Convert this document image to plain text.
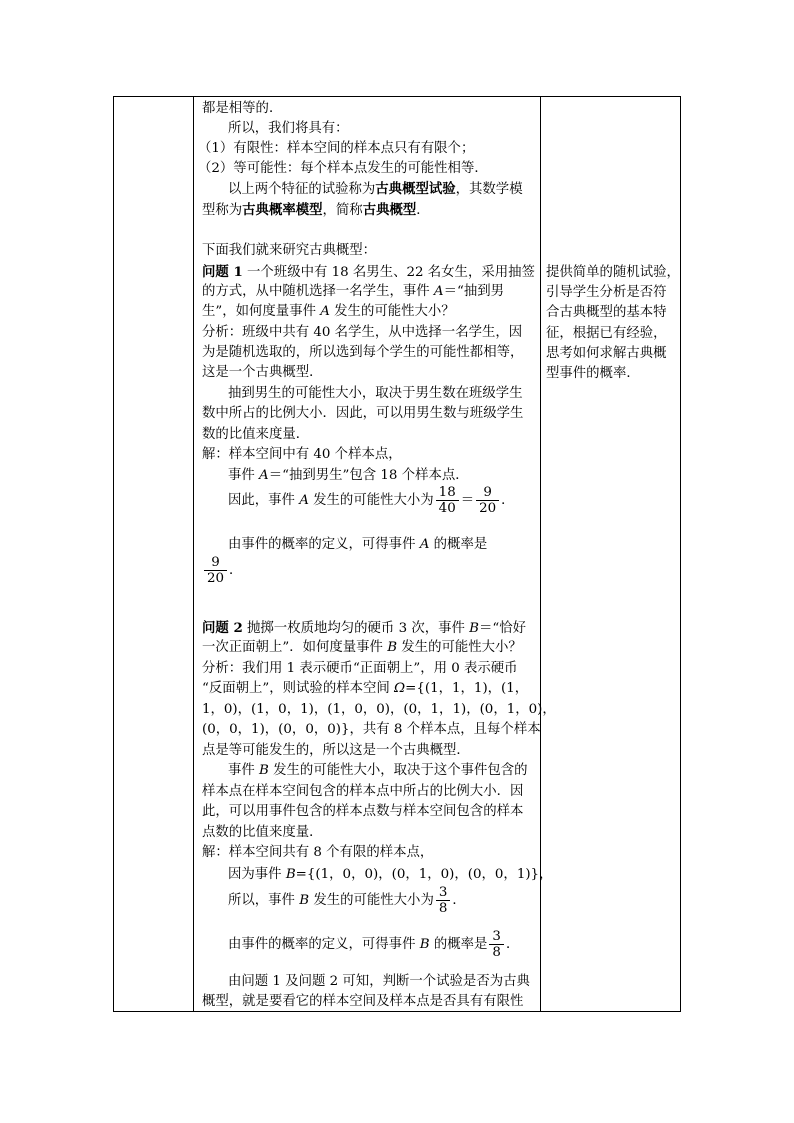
都是相等的．
所以，我们将具有：
（1）有限性：样本空间的样本点只有有限个；
（2）等可能性：每个样本点发生的可能性相等．
以上两个特征的试验称为古典概型试验，其数学模
型称为古典概率模型，简称古典概型．
下面我们就来研究古典概型：
问题 1 一个班级中有 18 名男生、22 名女生，采用抽签
的方式，从中随机选择一名学生，事件 A＝“抽到男
生”，如何度量事件 A 发生的可能性大小？
分析：班级中共有 40 名学生，从中选择一名学生，因
为是随机选取的，所以选到每个学生的可能性都相等，
这是一个古典概型．
抽到男生的可能性大小，取决于男生数在班级学生
数中所占的比例大小．因此，可以用男生数与班级学生
数的比值来度量．
解：样本空间中有 40 个样本点，
事件 A＝“抽到男生”包含 18 个样本点．
因此，事件 A 发生的可能性大小为 $\frac{18}{40} = \frac{9}{20}$ ．
由事件的概率的定义，可得事件 A 的概率是
$\frac{9}{20}$ ．
问题 2 抛掷一枚质地均匀的硬币 3 次，事件 B＝“恰好
一次正面朝上”．如何度量事件 B 发生的可能性大小？
分析：我们用 1 表示硬币“正面朝上”，用 0 表示硬币
“反面朝上”，则试验的样本空间 Ω={(1，1，1)，(1，
1，0)，(1，0，1)，(1，0，0)，(0，1，1)，(0，1，0)，
(0，0，1)，(0，0，0)}，共有 8 个样本点，且每个样本
点是等可能发生的，所以这是一个古典概型．
事件 B 发生的可能性大小，取决于这个事件包含的
样本点在样本空间包含的样本点中所占的比例大小．因
此，可以用事件包含的样本点数与样本空间包含的样本
点数的比值来度量．
解：样本空间共有 8 个有限的样本点，
因为事件 B={(1，0，0)，(0，1，0)，(0，0，1)}，
所以，事件 B 发生的可能性大小为 $\frac{3}{8}$ ．
由事件的概率的定义，可得事件 B 的概率是 $\frac{3}{8}$ ．
由问题 1 及问题 2 可知，判断一个试验是否为古典
概型，就是要看它的样本空间及样本点是否具有有限性
提供简单的随机试验，
引导学生分析是否符
合古典概型的基本特
征，根据已有经验，
思考如何求解古典概
型事件的概率．
